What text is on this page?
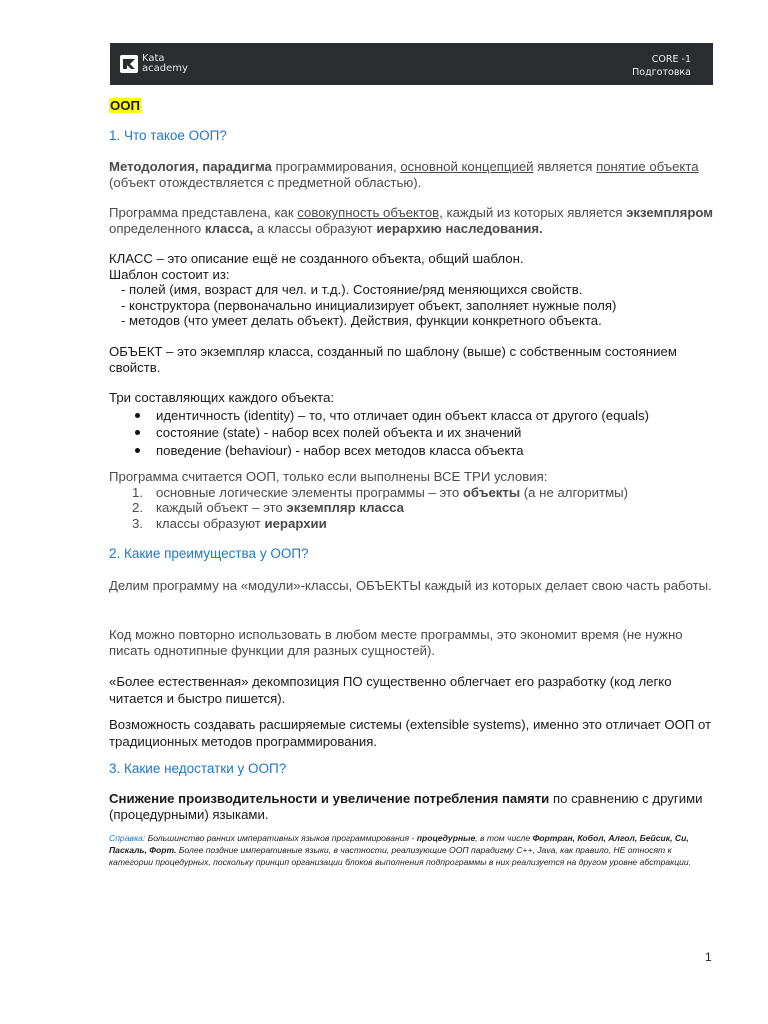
Kata
academy
CORE -1
Подготовка
ООП
1. Что такое ООП?
Методология, парадигма программирования, основной концепцией является понятие объекта (объект отождествляется с предметной областью).
Программа представлена, как совокупность объектов, каждый из которых является экземпляром определенного класса, а классы образуют иерархию наследования.
КЛАСС – это описание ещё не созданного объекта, общий шаблон.
Шаблон состоит из:
- полей (имя, возраст для чел. и т.д.). Состояние/ряд меняющихся свойств.
- конструктора (первоначально инициализирует объект, заполняет нужные поля)
- методов (что умеет делать объект). Действия, функции конкретного объекта.
ОБЪЕКТ – это экземпляр класса, созданный по шаблону (выше) с собственным состоянием свойств.
Три составляющих каждого объекта:
идентичность (identity) – то, что отличает один объект класса от другого (equals)
состояние (state) - набор всех полей объекта и их значений
поведение (behaviour) - набор всех методов класса объекта
Программа считается ООП, только если выполнены ВСЕ ТРИ условия:
1. основные логические элементы программы – это объекты (а не алгоритмы)
2. каждый объект – это экземпляр класса
3. классы образуют иерархии
2. Какие преимущества у ООП?
Делим программу на «модули»-классы, ОБЪЕКТЫ каждый из которых делает свою часть работы.
Код можно повторно использовать в любом месте программы, это экономит время (не нужно писать однотипные функции для разных сущностей).
«Более естественная» декомпозиция ПО существенно облегчает его разработку (код легко читается и быстро пишется).
Возможность создавать расширяемые системы (extensible systems), именно это отличает ООП от традиционных методов программирования.
3. Какие недостатки у ООП?
Снижение производительности и увеличение потребления памяти по сравнению с другими (процедурными) языками.
Справка: Большинство ранних императивных языков программирования - процедурные, в том числе Фортран, Кобол, Алгол, Бейсик, Си, Паскаль, Форт. Более поздние императивные языки, в частности, реализующие ООП парадигму C++, Java, как правило, НЕ относят к категории процедурных, поскольку принцип организации блоков выполнения подпрограммы в них реализуется на другом уровне абстракции.
1
